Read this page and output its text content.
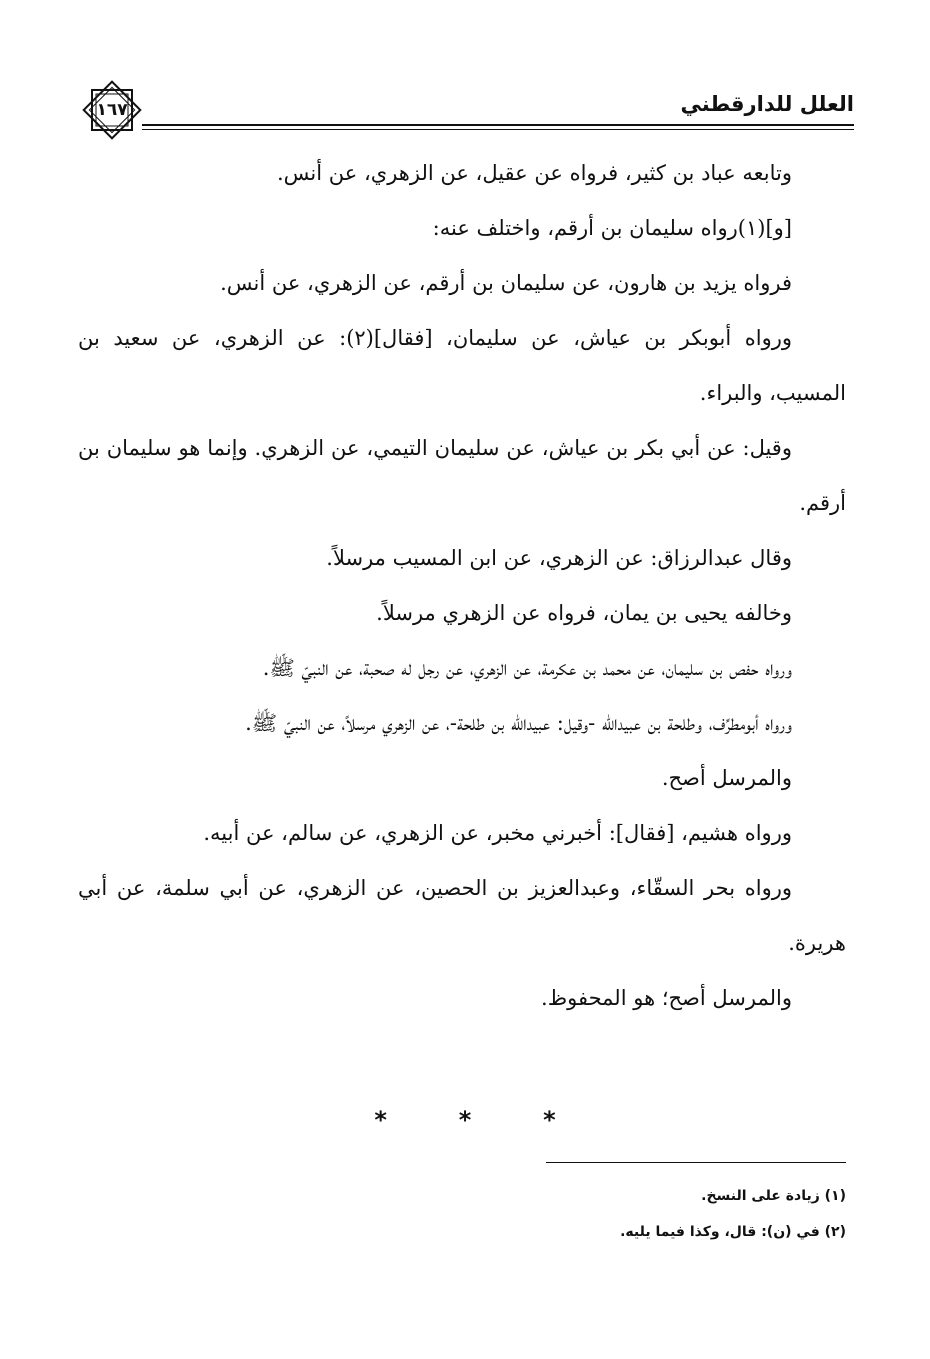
العلل للدارقطني
١٦٧

وتابعه عباد بن كثير، فرواه عن عقيل، عن الزهري، عن أنس.

[و](١)رواه سليمان بن أرقم، واختلف عنه:

فرواه يزيد بن هارون، عن سليمان بن أرقم، عن الزهري، عن أنس.

ورواه أبوبكر بن عياش، عن سليمان، [فقال](٢): عن الزهري، عن سعيد بن المسيب، والبراء.

وقيل: عن أبي بكر بن عياش، عن سليمان التيمي، عن الزهري. وإنما هو سليمان بن أرقم.

وقال عبدالرزاق: عن الزهري، عن ابن المسيب مرسلاً.

وخالفه يحيى بن يمان، فرواه عن الزهري مرسلاً.

ورواه حفص بن سليمان، عن محمد بن عكرمة، عن الزهري، عن رجل له صحبة، عن النبيّ ﷺ.

ورواه أبومطرِّف، وطلحة بن عبيدالله -وقيل: عبيدالله بن طلحة-، عن الزهري مرسلاً، عن النبيّ ﷺ.

والمرسل أصح.

ورواه هشيم، [فقال]: أخبرني مخبر، عن الزهري، عن سالم، عن أبيه.

ورواه بحر السقّاء، وعبدالعزيز بن الحصين، عن الزهري، عن أبي سلمة، عن أبي هريرة.

والمرسل أصح؛ هو المحفوظ.

*	*	*

(١) زيادة على النسخ.

(٢) في (ن): قال، وكذا فيما يليه.
